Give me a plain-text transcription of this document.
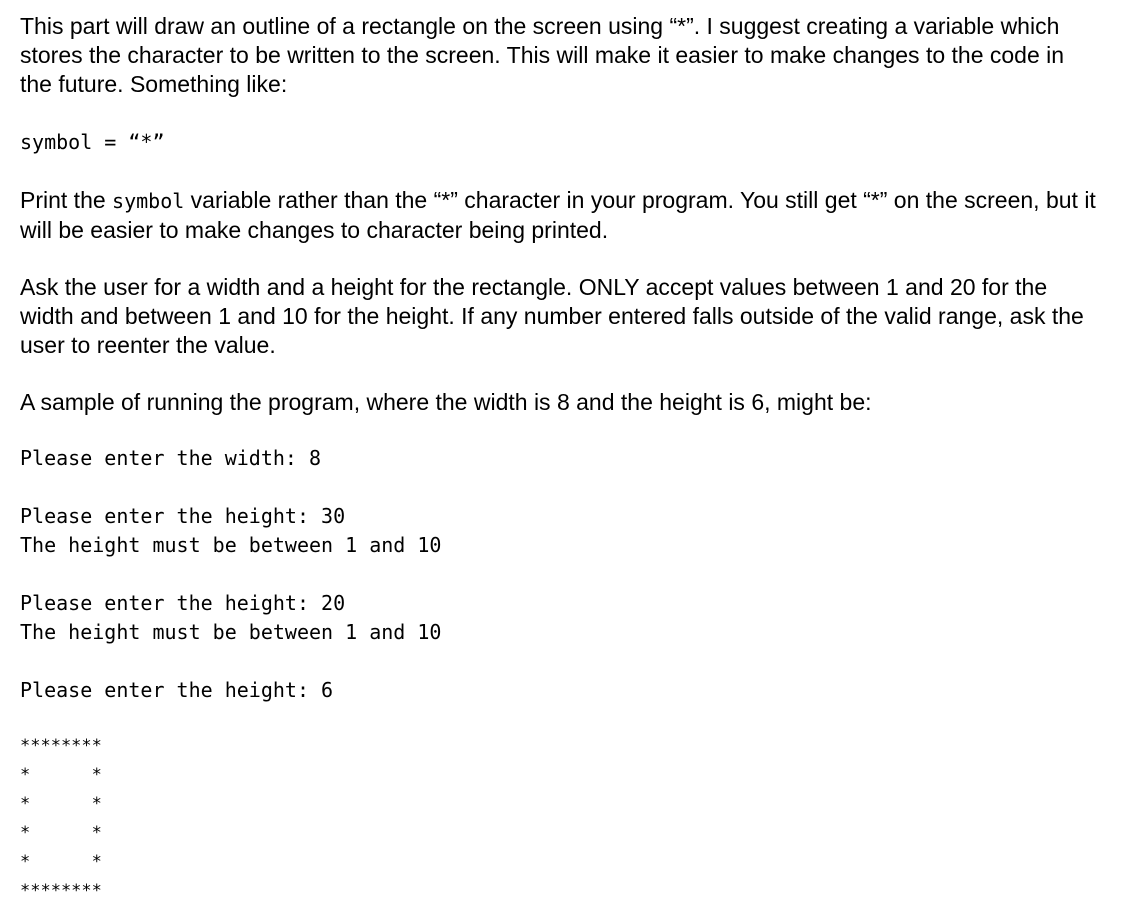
This part will draw an outline of a rectangle on the screen using “*”. I suggest creating a variable which stores the character to be written to the screen. This will make it easier to make changes to the code in the future. Something like:

symbol = “*”

Print the symbol variable rather than the “*” character in your program. You still get “*” on the screen, but it will be easier to make changes to character being printed.

Ask the user for a width and a height for the rectangle. ONLY accept values between 1 and 20 for the width and between 1 and 10 for the height. If any number entered falls outside of the valid range, ask the user to reenter the value.

A sample of running the program, where the width is 8 and the height is 6, might be:

Please enter the width: 8
Please enter the height: 30
The height must be between 1 and 10
Please enter the height: 20
The height must be between 1 and 10
Please enter the height: 6
********
*      *
*      *
*      *
*      *
********
